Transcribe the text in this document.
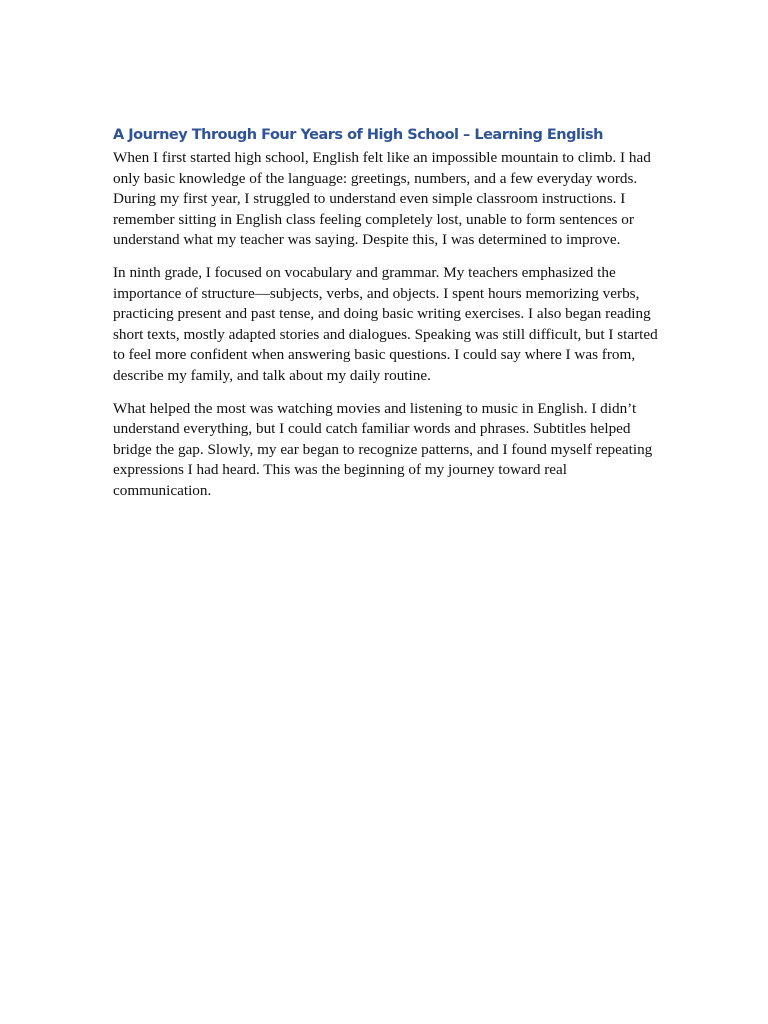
A Journey Through Four Years of High School – Learning English

When I first started high school, English felt like an impossible mountain to climb. I had only basic knowledge of the language: greetings, numbers, and a few everyday words. During my first year, I struggled to understand even simple classroom instructions. I remember sitting in English class feeling completely lost, unable to form sentences or understand what my teacher was saying. Despite this, I was determined to improve.

In ninth grade, I focused on vocabulary and grammar. My teachers emphasized the importance of structure—subjects, verbs, and objects. I spent hours memorizing verbs, practicing present and past tense, and doing basic writing exercises. I also began reading short texts, mostly adapted stories and dialogues. Speaking was still difficult, but I started to feel more confident when answering basic questions. I could say where I was from, describe my family, and talk about my daily routine.

What helped the most was watching movies and listening to music in English. I didn’t understand everything, but I could catch familiar words and phrases. Subtitles helped bridge the gap. Slowly, my ear began to recognize patterns, and I found myself repeating expressions I had heard. This was the beginning of my journey toward real communication.
